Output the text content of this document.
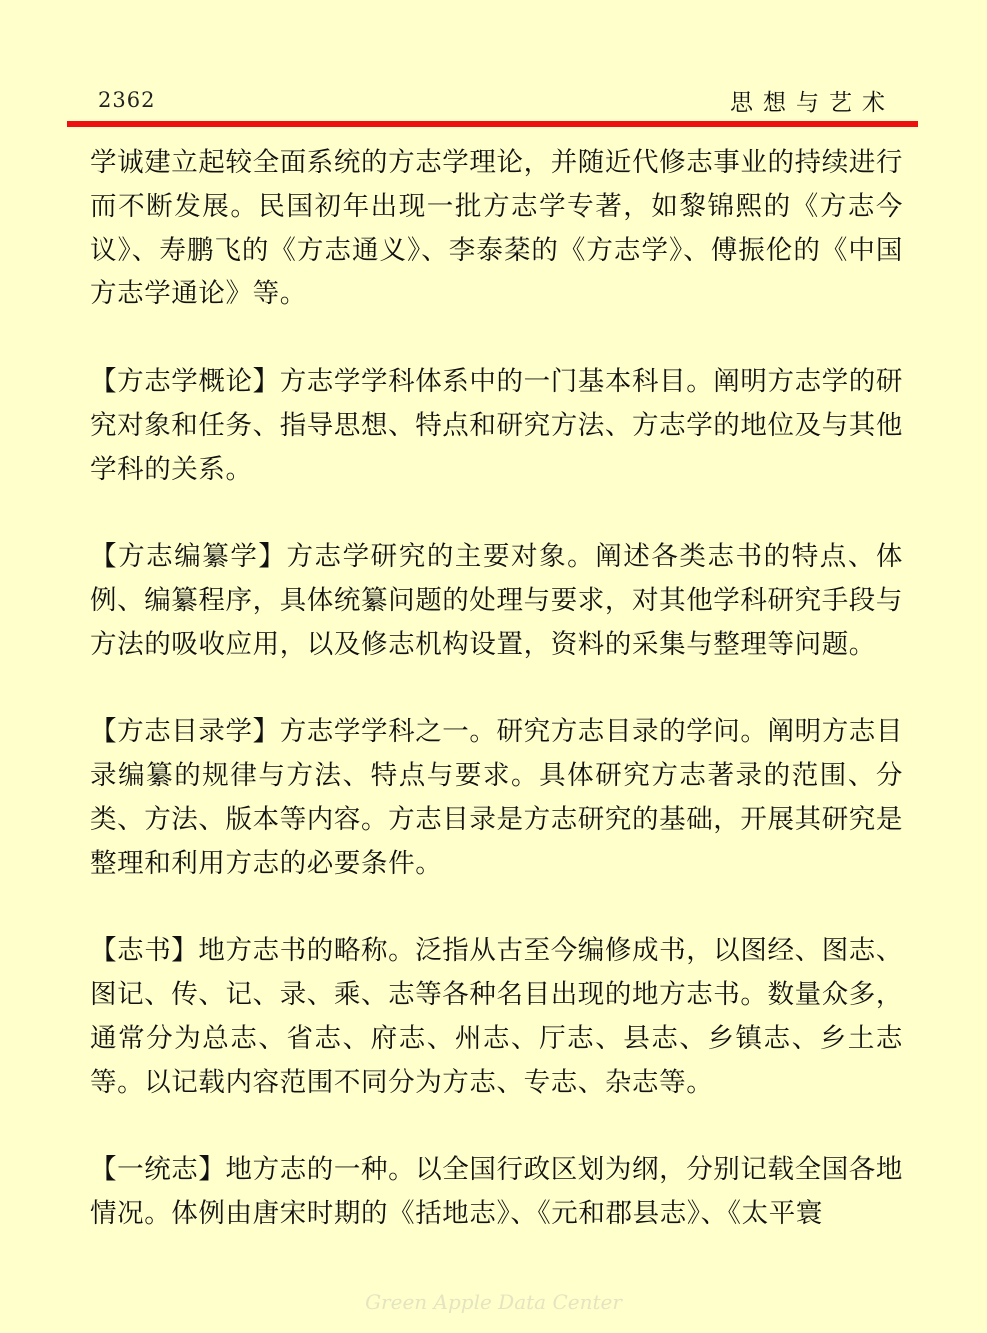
2362	思想与艺术

学诚建立起较全面系统的方志学理论，并随近代修志事业的持续进行而不断发展。民国初年出现一批方志学专著，如黎锦熙的《方志今议》、寿鹏飞的《方志通义》、李泰棻的《方志学》、傅振伦的《中国方志学通论》等。

【方志学概论】方志学学科体系中的一门基本科目。阐明方志学的研究对象和任务、指导思想、特点和研究方法、方志学的地位及与其他学科的关系。

【方志编纂学】方志学研究的主要对象。阐述各类志书的特点、体例、编纂程序，具体统纂问题的处理与要求，对其他学科研究手段与方法的吸收应用，以及修志机构设置，资料的采集与整理等问题。

【方志目录学】方志学学科之一。研究方志目录的学问。阐明方志目录编纂的规律与方法、特点与要求。具体研究方志著录的范围、分类、方法、版本等内容。方志目录是方志研究的基础，开展其研究是整理和利用方志的必要条件。

【志书】地方志书的略称。泛指从古至今编修成书，以图经、图志、图记、传、记、录、乘、志等各种名目出现的地方志书。数量众多，通常分为总志、省志、府志、州志、厅志、县志、乡镇志、乡土志等。以记载内容范围不同分为方志、专志、杂志等。

【一统志】地方志的一种。以全国行政区划为纲，分别记载全国各地情况。体例由唐宋时期的《括地志》、《元和郡县志》、《太平寰

Green Apple Data Center
